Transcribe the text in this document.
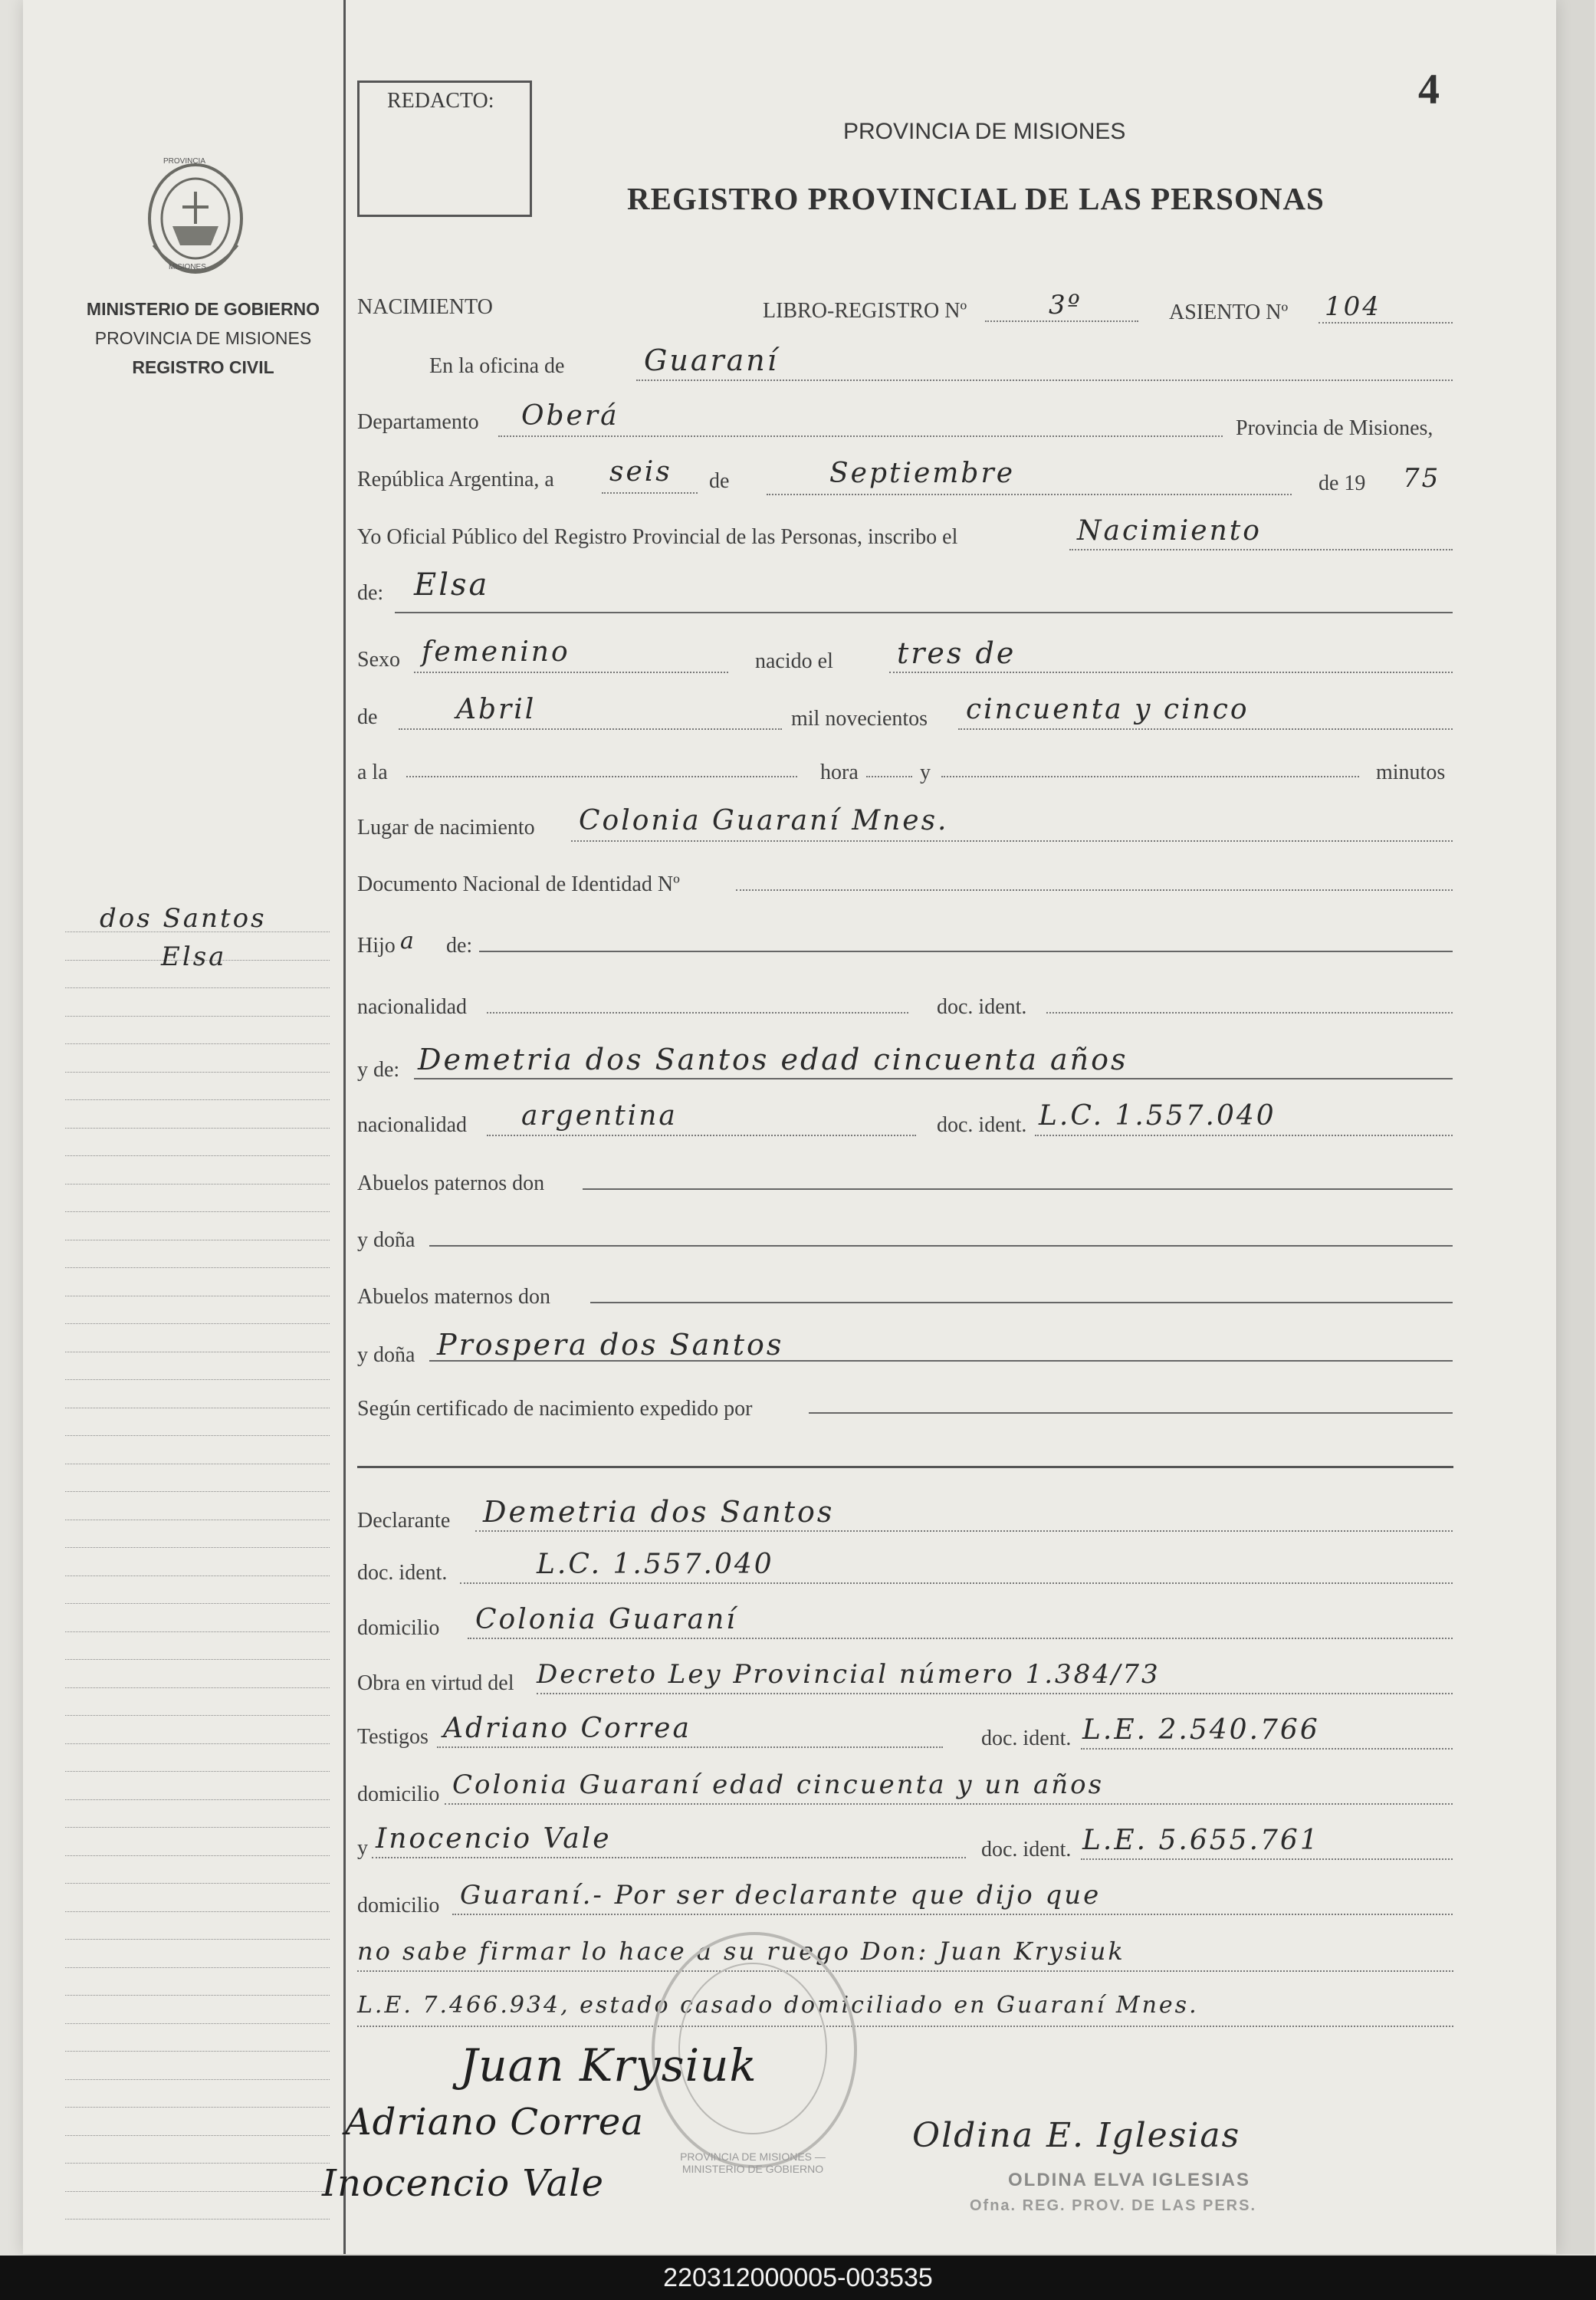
PROVINCIA
MISIONES
MINISTERIO DE GOBIERNO
PROVINCIA DE MISIONES
REGISTRO CIVIL
dos Santos
Elsa
4
REDACTO:
PROVINCIA DE MISIONES
REGISTRO PROVINCIAL DE LAS PERSONAS
NACIMIENTO	LIBRO-REGISTRO Nº	3º	ASIENTO Nº 104
En la oficina de	Guaraní
Departamento Oberá	Provincia de Misiones,
República Argentina, a seis de	Septiembre	de 19 75
Yo Oficial Público del Registro Provincial de las Personas, inscribo el	Nacimiento
de: Elsa
Sexo femenino	nacido el tres de
de	Abril	mil novecientos cincuenta y cinco
a la	hora	y	minutos
Lugar de nacimiento Colonia Guaraní Mnes.
Documento Nacional de Identidad Nº
Hijo a de:
nacionalidad	doc. ident.
y de: Demetria dos Santos edad cincuenta años
nacionalidad argentina	doc. ident. L.C. 1.557.040
Abuelos paternos don
y doña
Abuelos maternos don
y doña Prospera dos Santos
Según certificado de nacimiento expedido por
Declarante Demetria dos Santos
doc. ident.	L.C. 1.557.040
domicilio Colonia Guaraní
Obra en virtud del Decreto Ley Provincial número 1.384/73
Testigos Adriano Correa	doc. ident. L.E. 2.540.766
domicilio Colonia Guaraní edad cincuenta y un años
y Inocencio Vale	doc. ident. L.E. 5.655.761
domicilio Guaraní.- Por ser declarante que dijo que
no sabe firmar lo hace a su ruego Don: Juan Krysiuk
L.E. 7.466.934, estado casado domiciliado en Guaraní Mnes.
PROVINCIA DE MISIONES — MINISTERIO DE GOBIERNO
Juan Krysiuk
Adriano Correa
Inocencio Vale
Oldina E. Iglesias
OLDINA ELVA IGLESIAS
Ofna. REG. PROV. DE LAS PERS.
220312000005-003535
